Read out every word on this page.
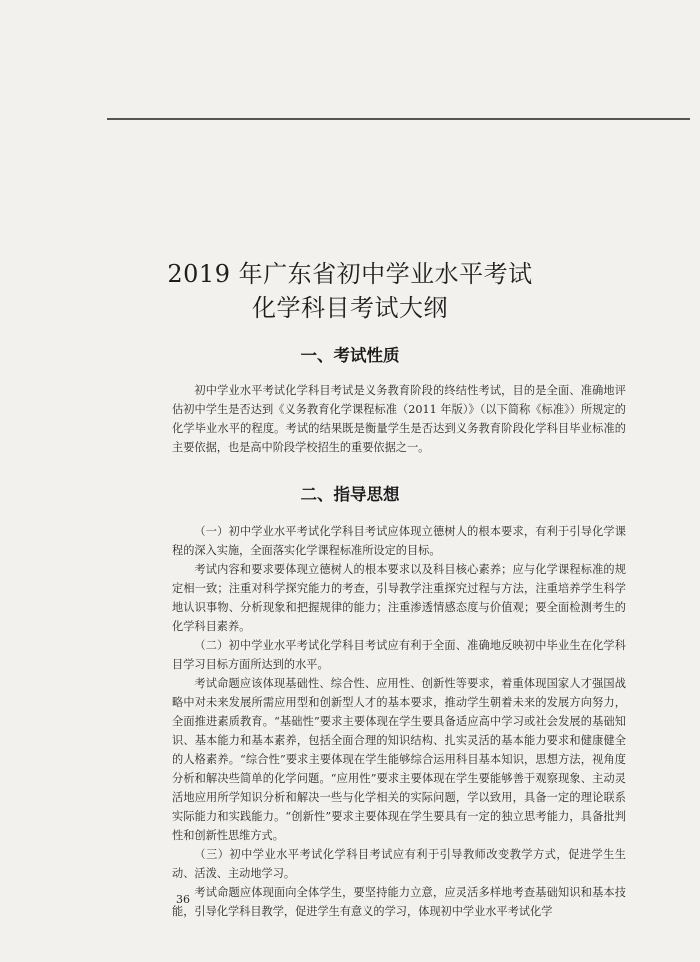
2019 年广东省初中学业水平考试
化学科目考试大纲
一、考试性质

初中学业水平考试化学科目考试是义务教育阶段的终结性考试，目的是全面、准确地评估初中学生是否达到《义务教育化学课程标准（2011 年版）》（以下简称《标准》）所规定的化学毕业水平的程度。考试的结果既是衡量学生是否达到义务教育阶段化学科目毕业标准的主要依据，也是高中阶段学校招生的重要依据之一。

二、指导思想

（一）初中学业水平考试化学科目考试应体现立德树人的根本要求，有利于引导化学课程的深入实施，全面落实化学课程标准所设定的目标。

考试内容和要求要体现立德树人的根本要求以及科目核心素养；应与化学课程标准的规定相一致；注重对科学探究能力的考查，引导教学注重探究过程与方法，注重培养学生科学地认识事物、分析现象和把握规律的能力；注重渗透情感态度与价值观；要全面检测考生的化学科目素养。

（二）初中学业水平考试化学科目考试应有利于全面、准确地反映初中毕业生在化学科目学习目标方面所达到的水平。

考试命题应该体现基础性、综合性、应用性、创新性等要求，着重体现国家人才强国战略中对未来发展所需应用型和创新型人才的基本要求，推动学生朝着未来的发展方向努力，全面推进素质教育。“基础性”要求主要体现在学生要具备适应高中学习或社会发展的基础知识、基本能力和基本素养，包括全面合理的知识结构、扎实灵活的基本能力要求和健康健全的人格素养。“综合性”要求主要体现在学生能够综合运用科目基本知识，思想方法，视角度分析和解决些简单的化学问题。“应用性”要求主要体现在学生要能够善于观察现象、主动灵活地应用所学知识分析和解决一些与化学相关的实际问题，学以致用，具备一定的理论联系实际能力和实践能力。“创新性”要求主要体现在学生要具有一定的独立思考能力，具备批判性和创新性思维方式。

（三）初中学业水平考试化学科目考试应有利于引导教师改变教学方式，促进学生生动、活泼、主动地学习。

考试命题应体现面向全体学生，要坚持能力立意，应灵活多样地考查基础知识和基本技能，引导化学科目教学，促进学生有意义的学习，体现初中学业水平考试化学

36
